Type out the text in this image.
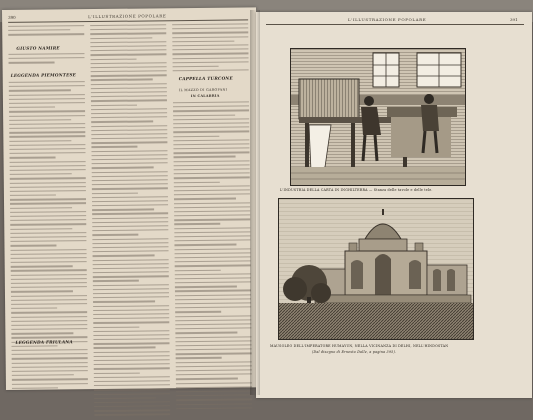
390	L'ILLUSTRAZIONE POPOLARE
GIUSTO NAMIRE
LEGGENDA PIEMONTESE
LEGGENDA FRIULANA
CAPPELLA TURCONE
IL MAZZO DI GAROFANI
IN CALABRIA
L'ILLUSTRAZIONE POPOLARE	391
L'INDUSTRIA DELLA CARTA IN INGHILTERRA — Stanza delle tavole e delle tele.
MAUSOLEO DELL'IMPERATORE HUMAYUN, NELLA VICINANZA DI DELHI, NELL'HINDOSTAN
(Dal disegno di Ernesto Dalle, a pagina 395).
